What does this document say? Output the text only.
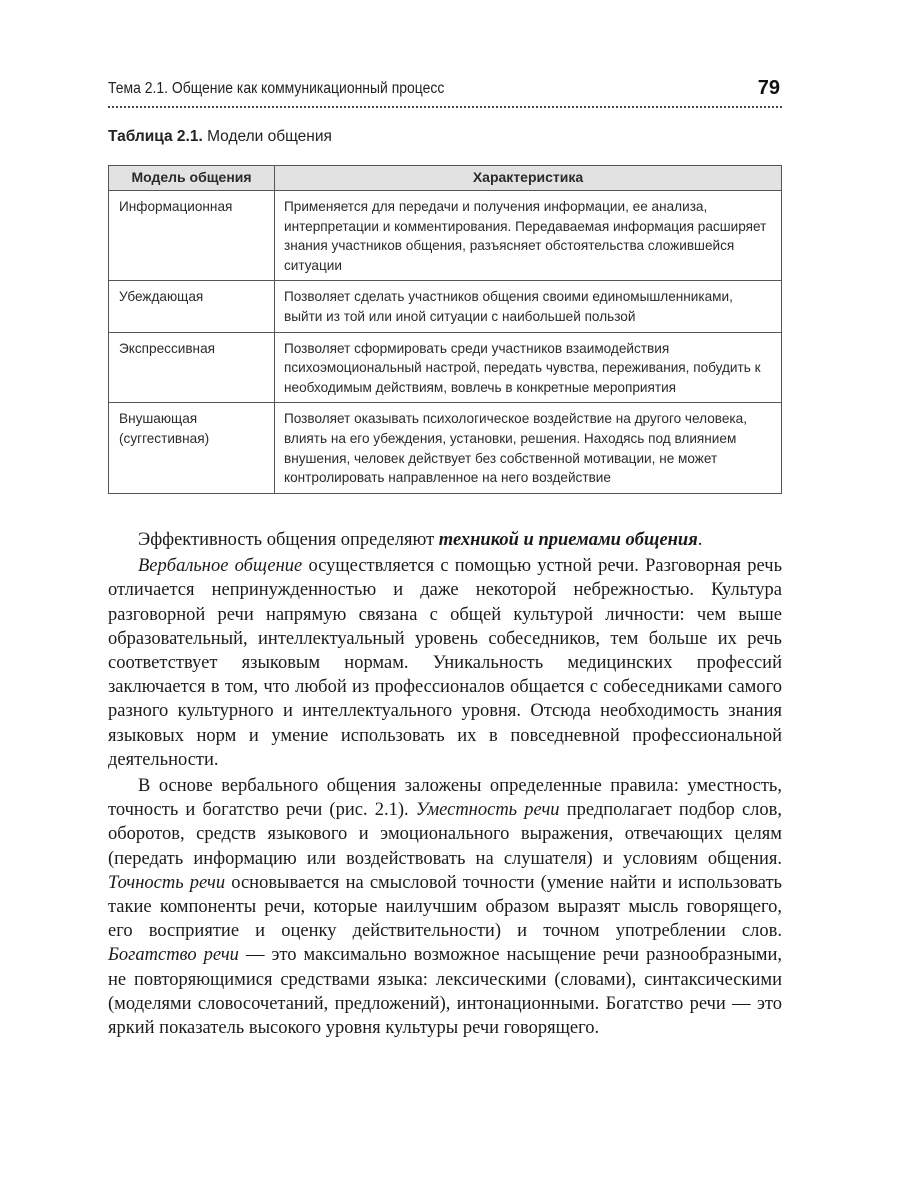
Тема 2.1. Общение как коммуникационный процесс	79
Таблица 2.1. Модели общения
Модель общения	Характеристика
Информационная	Применяется для передачи и получения информации, ее анализа, интерпретации и комментирования. Передаваемая информация расширяет знания участников общения, разъясняет обстоятельства сложившейся ситуации
Убеждающая	Позволяет сделать участников общения своими единомышленниками, выйти из той или иной ситуации с наибольшей пользой
Экспрессивная	Позволяет сформировать среди участников взаимодействия психоэмоциональный настрой, передать чувства, переживания, побудить к необходимым действиям, вовлечь в конкретные мероприятия
Внушающая (суггестивная)	Позволяет оказывать психологическое воздействие на другого человека, влиять на его убеждения, установки, решения. Находясь под влиянием внушения, человек действует без собственной мотивации, не может контролировать направленное на него воздействие

Эффективность общения определяют техникой и приемами общения.

Вербальное общение осуществляется с помощью устной речи. Разговорная речь отличается непринужденностью и даже некоторой небрежностью. Культура разговорной речи напрямую связана с общей культурой личности: чем выше образовательный, интеллектуальный уровень собеседников, тем больше их речь соответствует языковым нормам. Уникальность медицинских профессий заключается в том, что любой из профессионалов общается с собеседниками самого разного культурного и интеллектуального уровня. Отсюда необходимость знания языковых норм и умение использовать их в повседневной профессиональной деятельности.

В основе вербального общения заложены определенные правила: уместность, точность и богатство речи (рис. 2.1). Уместность речи предполагает подбор слов, оборотов, средств языкового и эмоционального выражения, отвечающих целям (передать информацию или воздействовать на слушателя) и условиям общения. Точность речи основывается на смысловой точности (умение найти и использовать такие компоненты речи, которые наилучшим образом выразят мысль говорящего, его восприятие и оценку действительности) и точном употреблении слов. Богатство речи — это максимально возможное насыщение речи разнообразными, не повторяющимися средствами языка: лексическими (словами), синтаксическими (моделями словосочетаний, предложений), интонационными. Богатство речи — это яркий показатель высокого уровня культуры речи говорящего.
